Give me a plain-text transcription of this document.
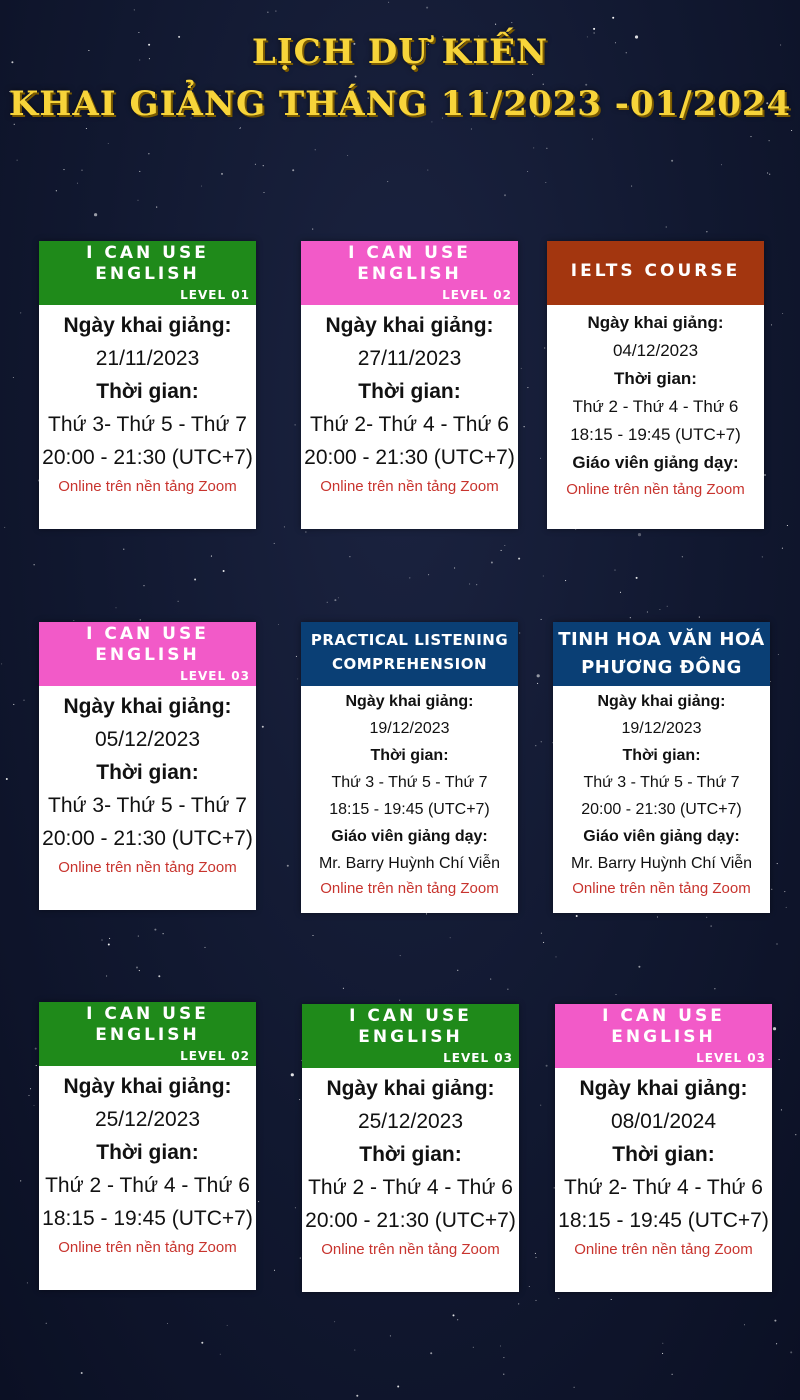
LỊCH DỰ KIẾN
KHAI GIẢNG THÁNG 11/2023 -01/2024
I CAN USE
ENGLISH
LEVEL 01
Ngày khai giảng:
21/11/2023
Thời gian:
Thứ 3- Thứ 5 - Thứ 7
20:00 - 21:30 (UTC+7)
Online trên nền tảng Zoom
I CAN USE
ENGLISH
LEVEL 02
Ngày khai giảng:
27/11/2023
Thời gian:
Thứ 2- Thứ 4 - Thứ 6
20:00 - 21:30 (UTC+7)
Online trên nền tảng Zoom
IELTS COURSE
Ngày khai giảng:
04/12/2023
Thời gian:
Thứ 2 - Thứ 4 - Thứ 6
18:15 - 19:45 (UTC+7)
Giáo viên giảng dạy:
Online trên nền tảng Zoom
I CAN USE
ENGLISH
LEVEL 03
Ngày khai giảng:
05/12/2023
Thời gian:
Thứ 3- Thứ 5 - Thứ 7
20:00 - 21:30 (UTC+7)
Online trên nền tảng Zoom
PRACTICAL LISTENING
COMPREHENSION
Ngày khai giảng:
19/12/2023
Thời gian:
Thứ 3 - Thứ 5 - Thứ 7
18:15 - 19:45 (UTC+7)
Giáo viên giảng dạy:
Mr. Barry Huỳnh Chí Viễn
Online trên nền tảng Zoom
TINH HOA VĂN HOÁ
PHƯƠNG ĐÔNG
Ngày khai giảng:
19/12/2023
Thời gian:
Thứ 3 - Thứ 5 - Thứ 7
20:00 - 21:30 (UTC+7)
Giáo viên giảng dạy:
Mr. Barry Huỳnh Chí Viễn
Online trên nền tảng Zoom
I CAN USE
ENGLISH
LEVEL 02
Ngày khai giảng:
25/12/2023
Thời gian:
Thứ 2 - Thứ 4 - Thứ 6
18:15 - 19:45 (UTC+7)
Online trên nền tảng Zoom
I CAN USE
ENGLISH
LEVEL 03
Ngày khai giảng:
25/12/2023
Thời gian:
Thứ 2 - Thứ 4 - Thứ 6
20:00 - 21:30 (UTC+7)
Online trên nền tảng Zoom
I CAN USE
ENGLISH
LEVEL 03
Ngày khai giảng:
08/01/2024
Thời gian:
Thứ 2- Thứ 4 - Thứ 6
18:15 - 19:45 (UTC+7)
Online trên nền tảng Zoom
